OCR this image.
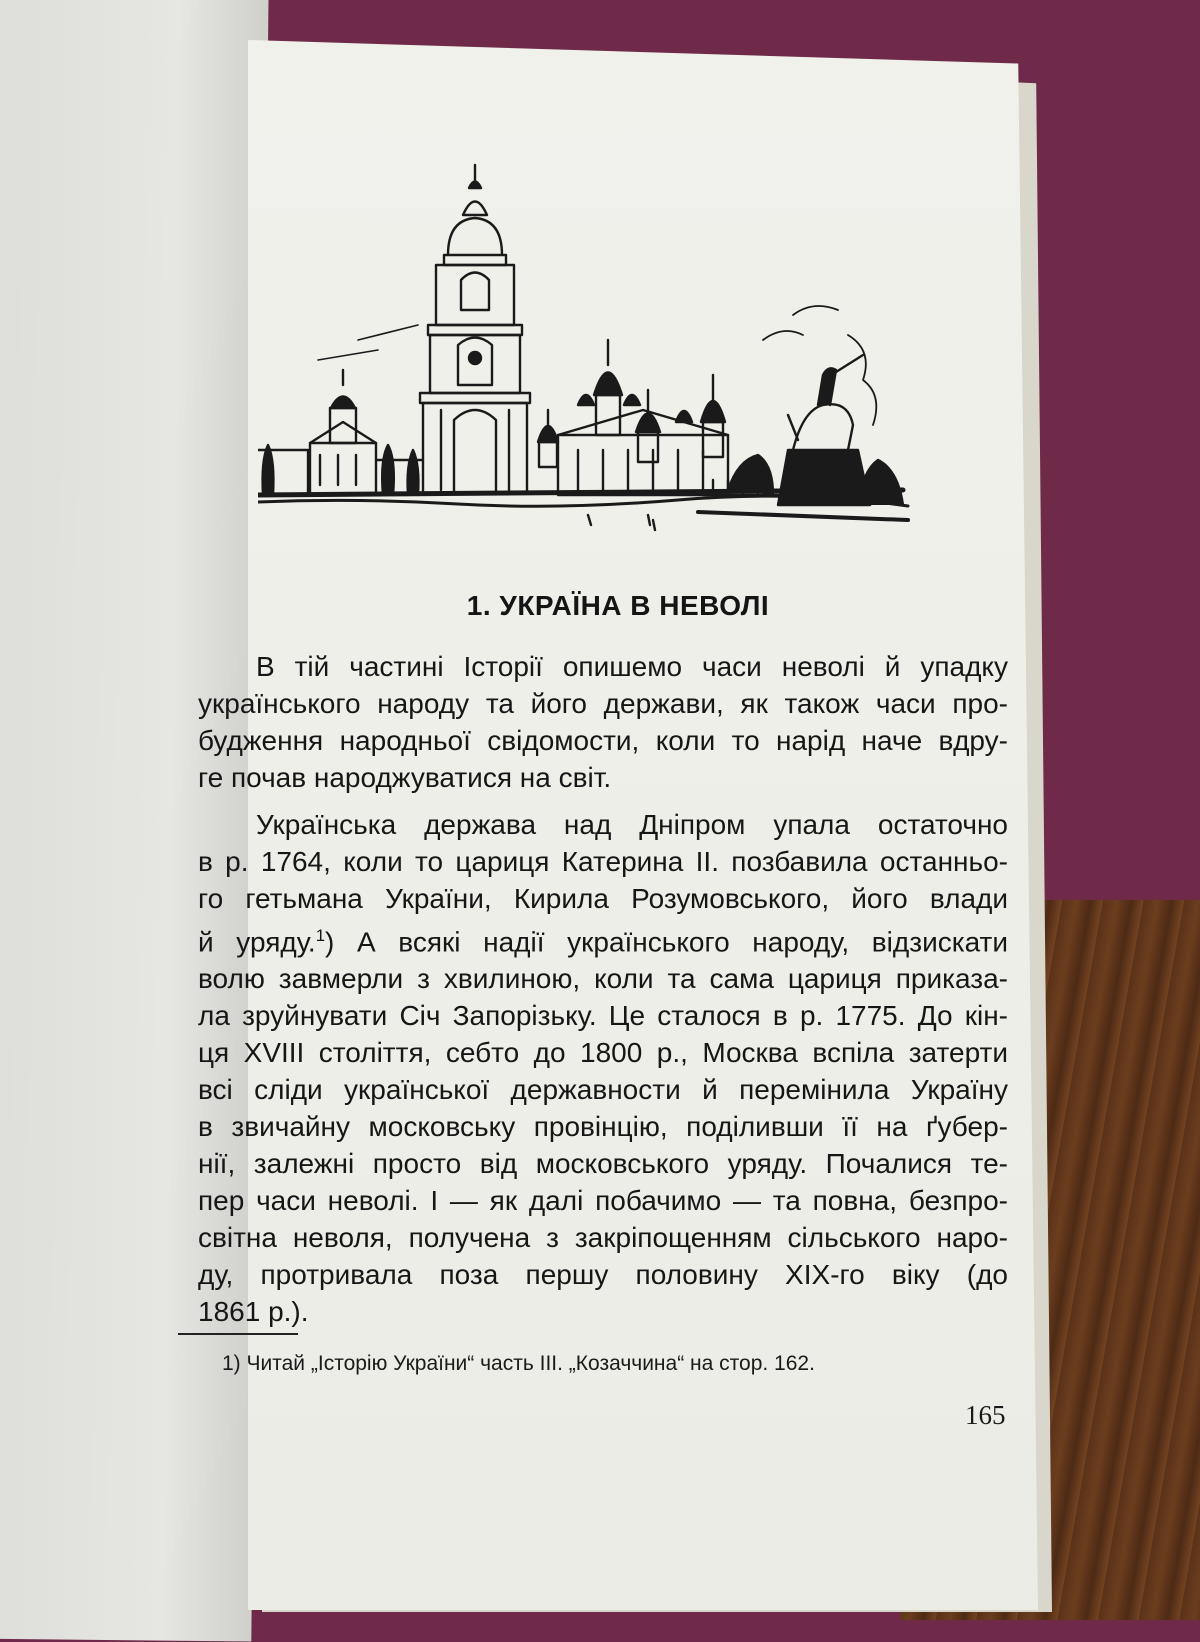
1. УКРАЇНА В НЕВОЛІ
В тій частині Історії опишемо часи неволі й упадку
українського народу та його держави, як також часи про-
будження народньої свідомости, коли то нарід наче вдру-
ге почав народжуватися на світ.
Українська держава над Дніпром упала остаточно
в р. 1764, коли то цариця Катерина II. позбавила останньо-
го гетьмана України, Кирила Розумовського, його влади
й уряду.$^1$) А всякі надії українського народу, відзискати
волю завмерли з хвилиною, коли та сама цариця приказа-
ла зруйнувати Січ Запорізьку. Це сталося в р. 1775. До кін-
ця XVIII століття, себто до 1800 р., Москва вспіла затерти
всі сліди української державности й перемінила Україну
в звичайну московську провінцію, поділивши її на ґубер-
нії, залежні просто від московського уряду. Почалися те-
пер часи неволі. І — як далі побачимо — та повна, безпро-
світна неволя, получена з закріпощенням сільського наро-
ду, протривала поза першу половину XIX-го віку (до
1861 р.).
1) Читай „Історію України“ часть III. „Козаччина“ на стор. 162.
165
